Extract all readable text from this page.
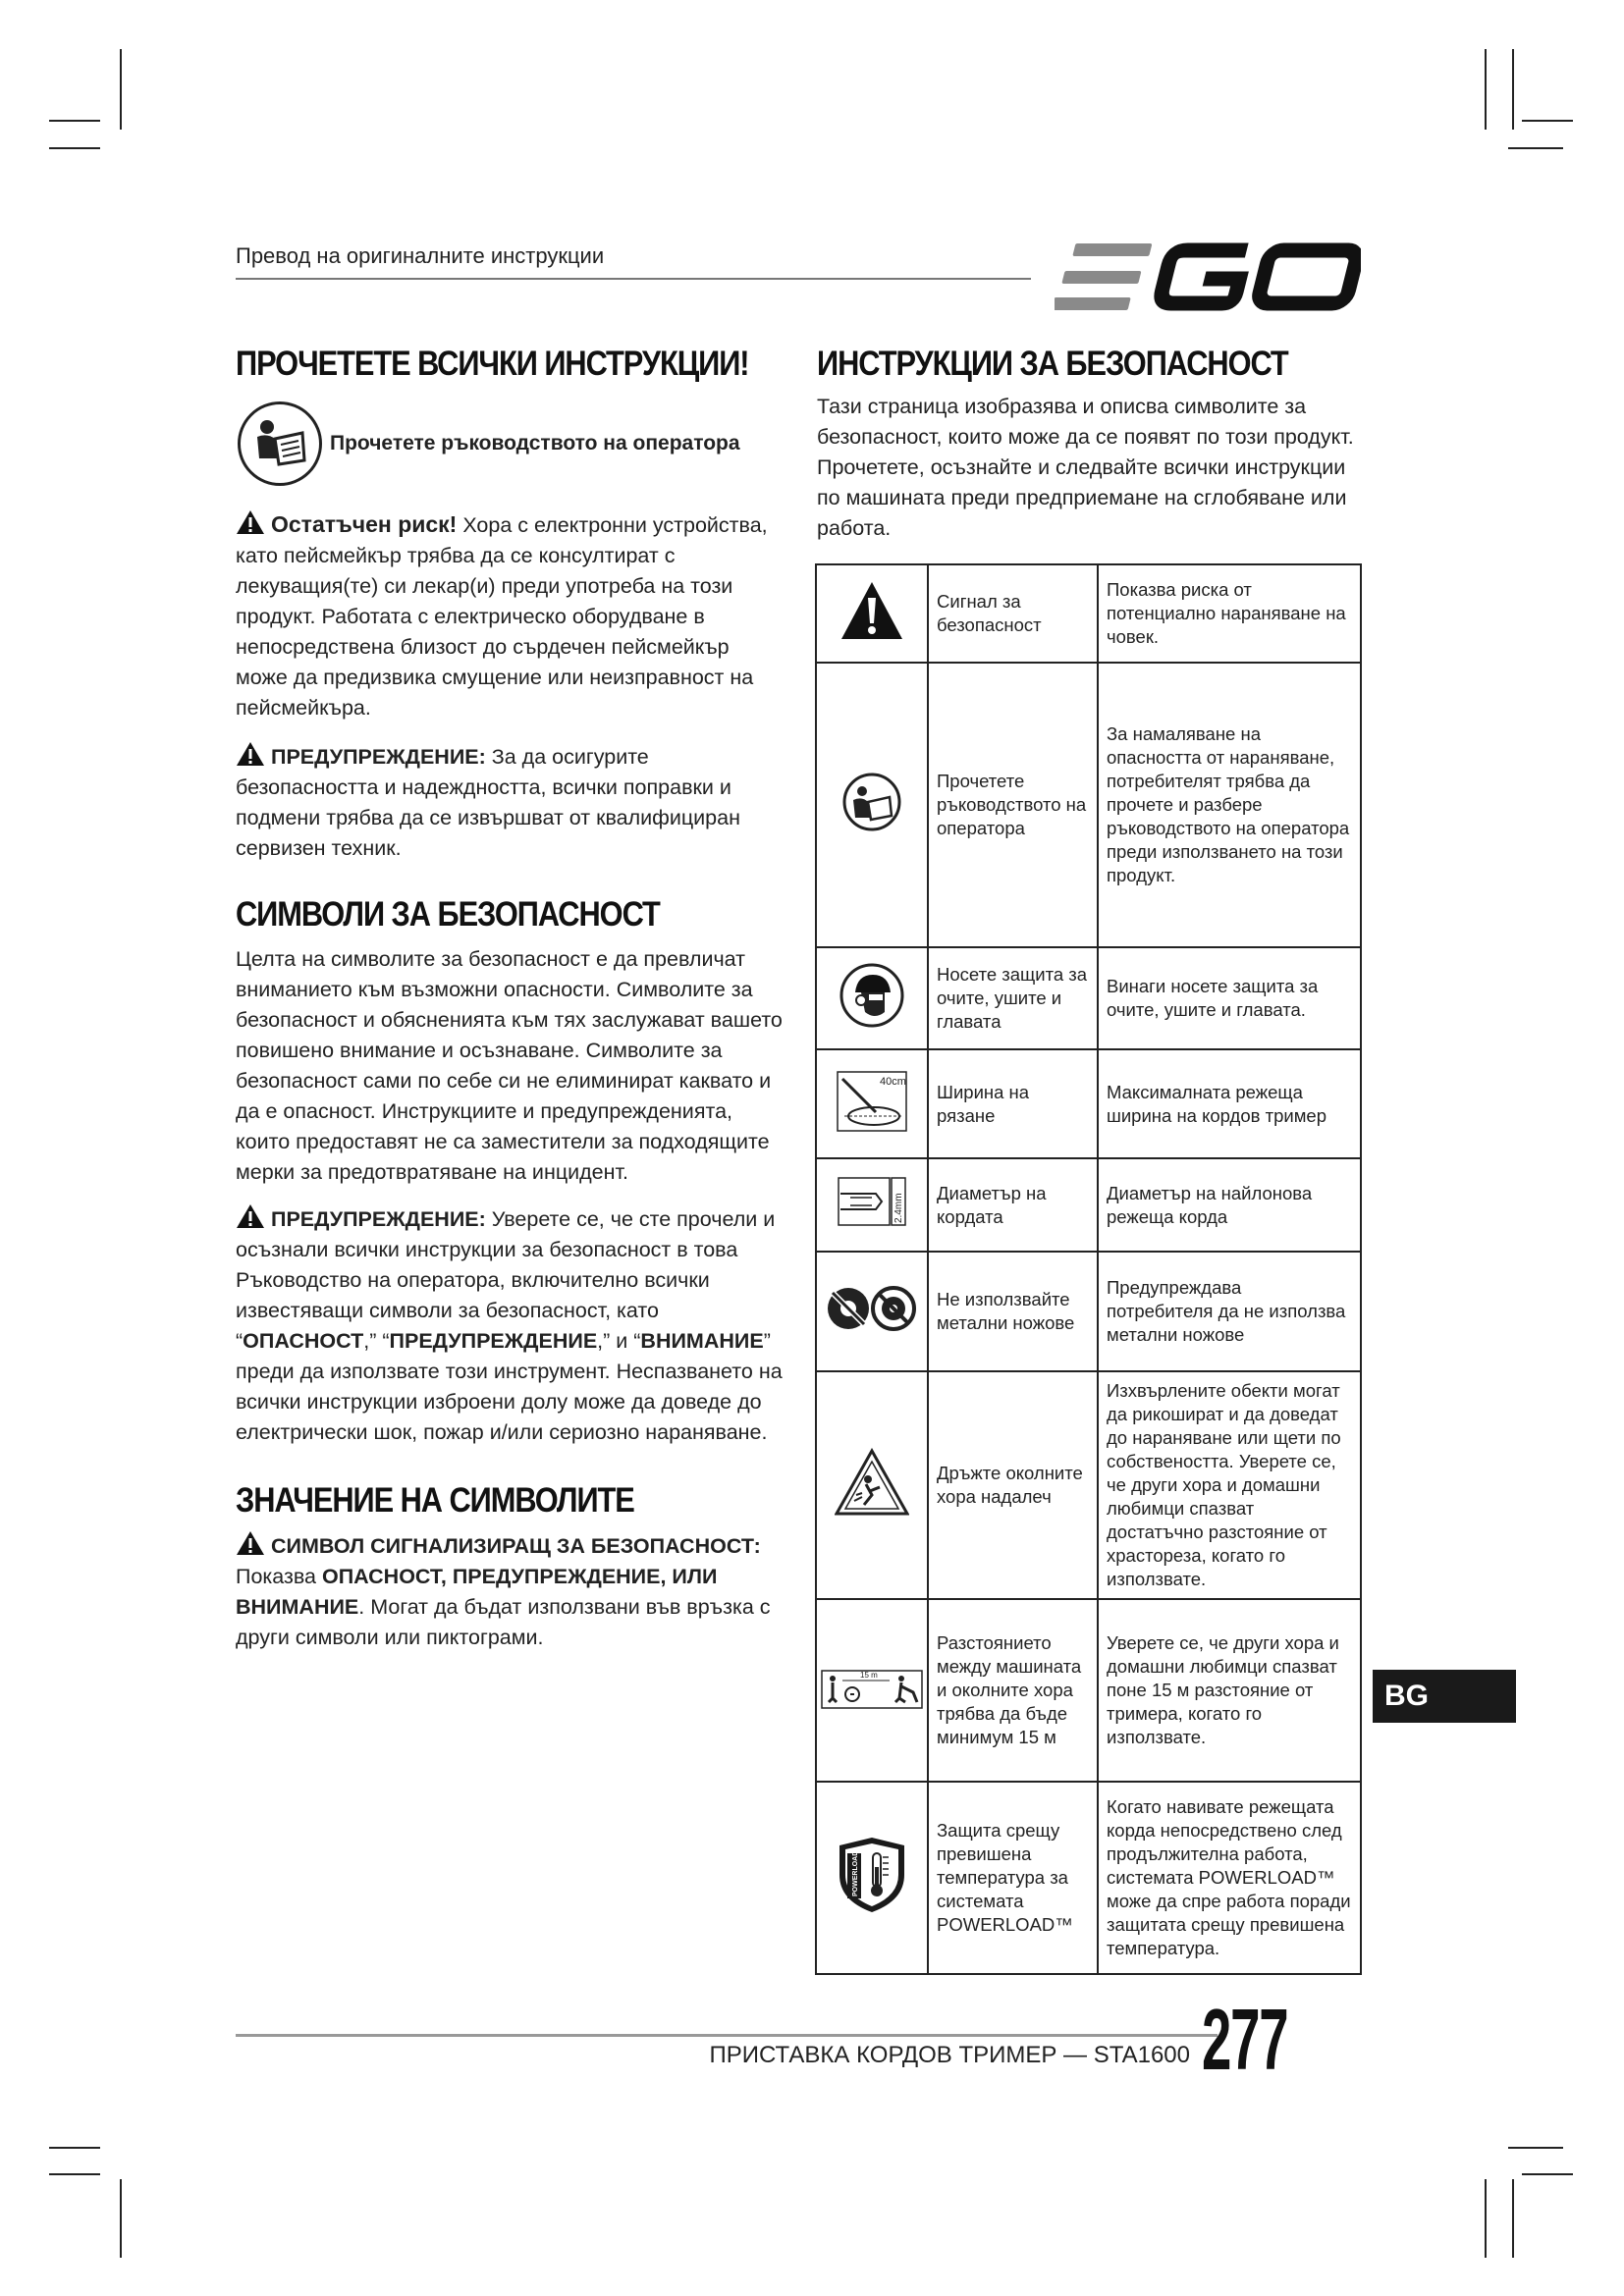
Превод на оригиналните инструкции
ПРОЧЕТЕТЕ ВСИЧКИ ИНСТРУКЦИИ!
Прочетете ръководството на оператора

Остатъчен риск! Хора с електронни устройства, като пейсмейкър трябва да се консултират с лекуващия(те) си лекар(и) преди употреба на този продукт. Работата с електрическо оборудване в непосредствена близост до сърдечен пейсмейкър може да предизвика смущение или неизправност на пейсмейкъра.

ПРЕДУПРЕЖДЕНИЕ: За да осигурите безопасността и надеждността, всички поправки и подмени трябва да се извършват от квалифициран сервизен техник.

СИМВОЛИ ЗА БЕЗОПАСНОСТ

Целта на символите за безопасност е да превличат вниманието към възможни опасности. Символите за безопасност и обясненията към тях заслужават вашето повишено внимание и осъзнаване. Символите за безопасност сами по себе си не елиминират каквато и да е опасност. Инструкциите и предупрежденията, които предоставят не са заместители за подходящите мерки за предотвратяване на инцидент.

ПРЕДУПРЕЖДЕНИЕ: Уверете се, че сте прочели и осъзнали всички инструкции за безопасност в това Ръководство на оператора, включително всички известяващи символи за безопасност, като “ОПАСНОСТ,” “ПРЕДУПРЕЖДЕНИЕ,” и “ВНИМАНИЕ” преди да използвате този инструмент. Неспазването на всички инструкции изброени долу може да доведе до електрически шок, пожар и/или сериозно нараняване.

ЗНАЧЕНИЕ НА СИМВОЛИТЕ

СИМВОЛ СИГНАЛИЗИРАЩ ЗА БЕЗОПАСНОСТ: Показва ОПАСНОСТ, ПРЕДУПРЕЖДЕНИЕ, ИЛИ ВНИМАНИЕ. Могат да бъдат използвани във връзка с други символи или пиктограми.

ИНСТРУКЦИИ ЗА БЕЗОПАСНОСТ

Тази страница изобразява и описва символите за безопасност, които може да се появят по този продукт. Прочетете, осъзнайте и следвайте всички инструкции по машината преди предприемане на сглобяване или работа.

	Сигнал за безопасност	Показва риска от потенциално нараняване на човек.
	Прочетете ръководството на оператора	За намаляване на опасността от нараняване, потребителят трябва да прочете и разбере ръководството на оператора преди използването на този продукт.
	Носете защита за очите, ушите и главата	Винаги носете защита за очите, ушите и главата.

40cm	Ширина на рязане	Максималната режеща ширина на кордов тример

2.4mm	Диаметър на кордата	Диаметър на найлонова режеща корда
	Не използвайте метални ножове	Предупреждава потребителя да не използва метални ножове
	Дръжте околните хора надалеч	Изхвърлените обекти могат да рикошират и да доведат до нараняване или щети по собствеността. Уверете се, че други хора и домашни любимци спазват достатъчно разстояние от храстореза, когато го използвате.

15 m	Разстоянието между машината и околните хора трябва да бъде минимум 15 м	Уверете се, че други хора и домашни любимци спазват поне 15 м разстояние от тримера, когато го използвате.

POWERLOAD	Защита срещу превишена температура за системата POWERLOAD™	Когато навивате режещата корда непосредствено след продължителна работа, системата POWERLOAD™ може да спре работа поради защитата срещу превишена температура.
BG
ПРИСТАВКА КОРДОВ ТРИМЕР — STA1600 277
